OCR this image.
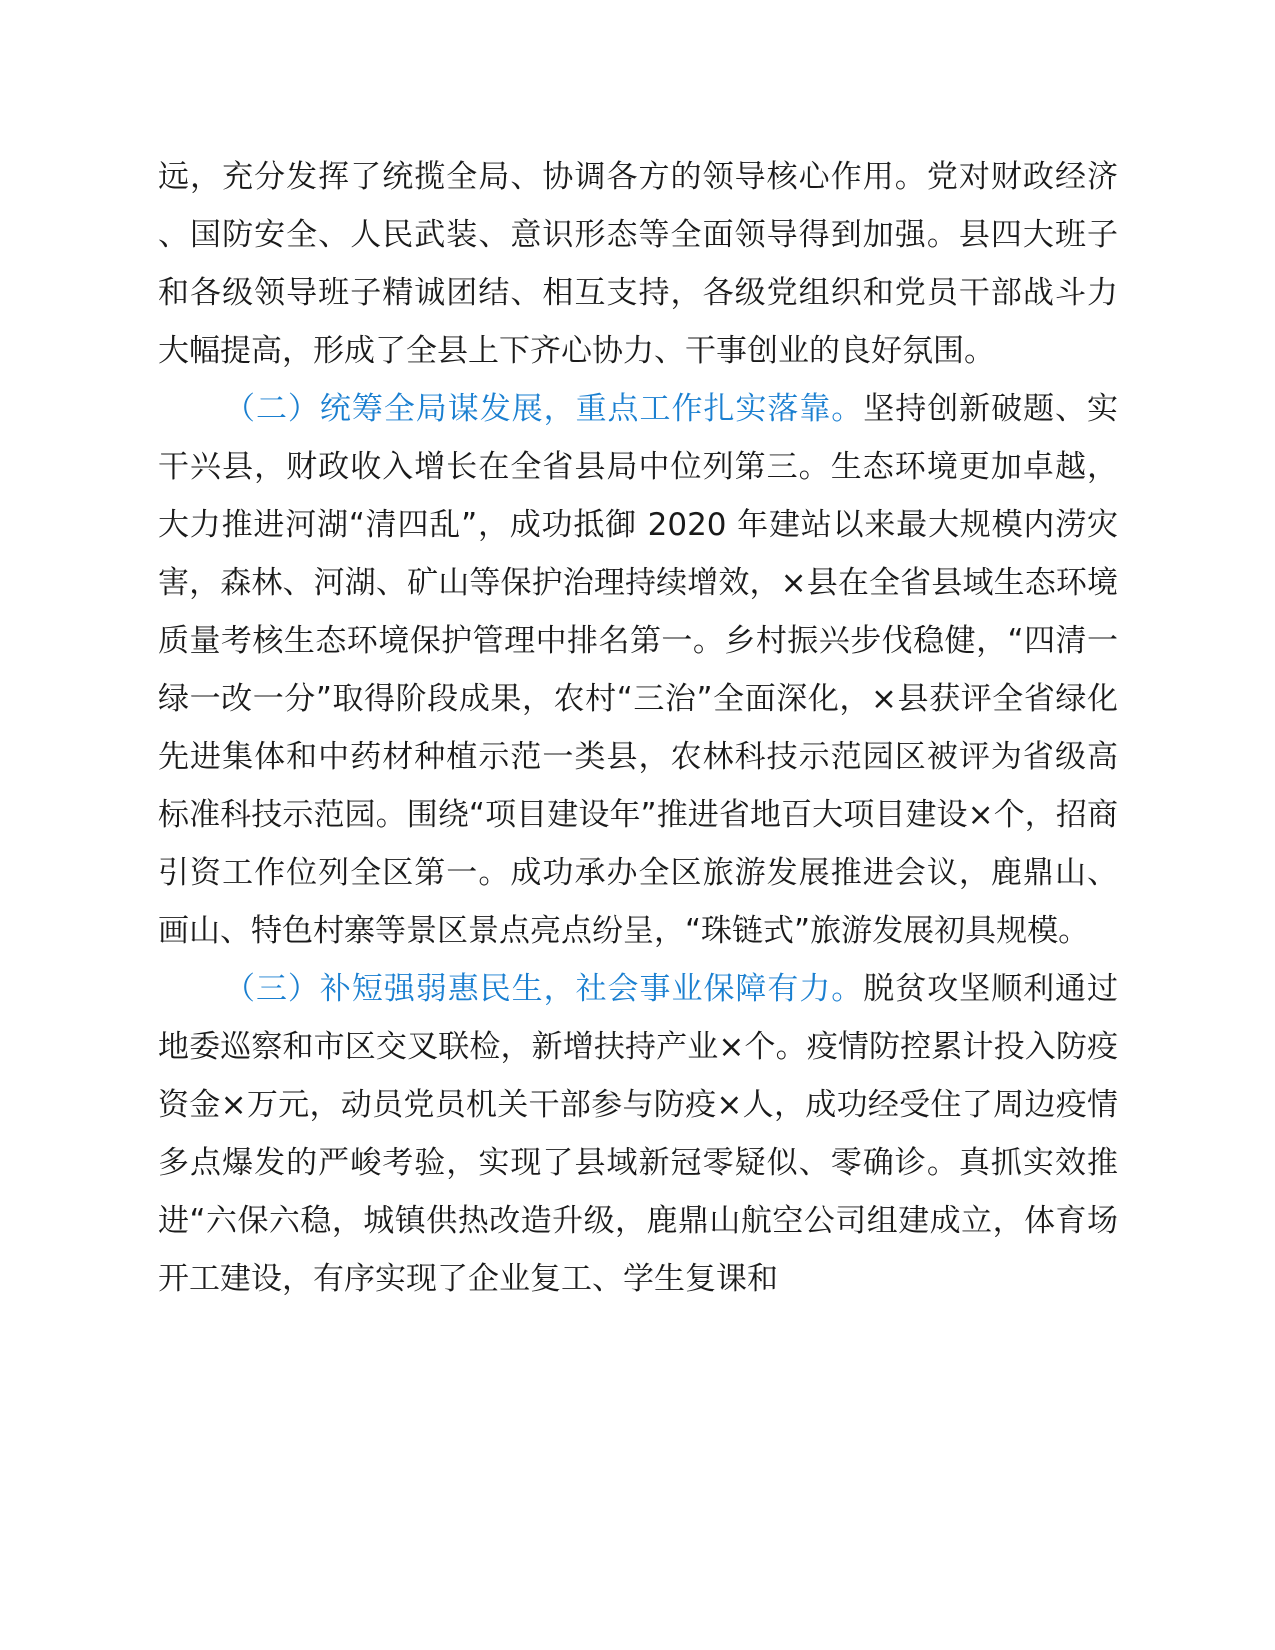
远，充分发挥了统揽全局、协调各方的领导核心作用。党对财政经济、国防安全、人民武装、意识形态等全面领导得到加强。县四大班子和各级领导班子精诚团结、相互支持，各级党组织和党员干部战斗力大幅提高，形成了全县上下齐心协力、干事创业的良好氛围。

（二）统筹全局谋发展，重点工作扎实落靠。坚持创新破题、实干兴县，财政收入增长在全省县局中位列第三。生态环境更加卓越，大力推进河湖“清四乱”，成功抵御 2020 年建站以来最大规模内涝灾害，森林、河湖、矿山等保护治理持续增效，×县在全省县域生态环境质量考核生态环境保护管理中排名第一。乡村振兴步伐稳健，“四清一绿一改一分”取得阶段成果，农村“三治”全面深化，×县获评全省绿化先进集体和中药材种植示范一类县，农林科技示范园区被评为省级高标准科技示范园。围绕“项目建设年”推进省地百大项目建设×个，招商引资工作位列全区第一。成功承办全区旅游发展推进会议，鹿鼎山、画山、特色村寨等景区景点亮点纷呈，“珠链式”旅游发展初具规模。

（三）补短强弱惠民生，社会事业保障有力。脱贫攻坚顺利通过地委巡察和市区交叉联检，新增扶持产业×个。疫情防控累计投入防疫资金×万元，动员党员机关干部参与防疫×人，成功经受住了周边疫情多点爆发的严峻考验，实现了县域新冠零疑似、零确诊。真抓实效推进“六保六稳，城镇供热改造升级，鹿鼎山航空公司组建成立，体育场开工建设，有序实现了企业复工、学生复课和
